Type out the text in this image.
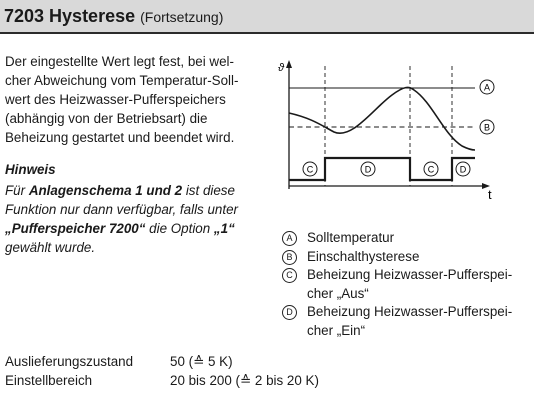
7203 Hysterese (Fortsetzung)
Der eingestellte Wert legt fest, bei wel-
cher Abweichung vom Temperatur-Soll-
wert des Heizwasser-Pufferspeichers
(abhängig von der Betriebsart) die
Beheizung gestartet und beendet wird.
Hinweis
Für Anlagenschema 1 und 2 ist diese
Funktion nur dann verfügbar, falls unter
„Pufferspeicher 7200“ die Option „1“
gewählt wurde.
ϑ
t
C	D	C	D
A
B
A	Solltemperatur
B	Einschalthysterese
C	Beheizung Heizwasser-Pufferspei-
cher „Aus“
D	Beheizung Heizwasser-Pufferspei-
cher „Ein“
Auslieferungszustand	50 (≙ 5 K)
Einstellbereich	20 bis 200 (≙ 2 bis 20 K)
